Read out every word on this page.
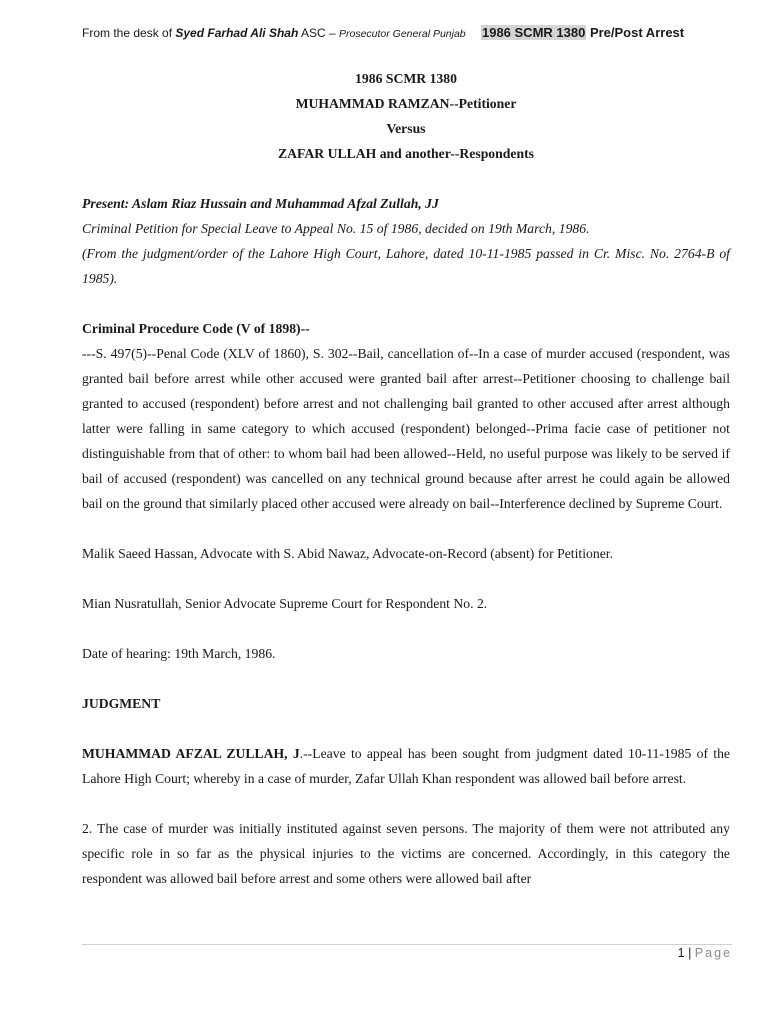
From the desk of Syed Farhad Ali Shah ASC – Prosecutor General Punjab 1986 SCMR 1380 Pre/Post Arrest

1986 SCMR 1380

MUHAMMAD RAMZAN--Petitioner

Versus

ZAFAR ULLAH and another--Respondents

Present: Aslam Riaz Hussain and Muhammad Afzal Zullah, JJ

Criminal Petition for Special Leave to Appeal No. 15 of 1986, decided on 19th March, 1986.

(From the judgment/order of the Lahore High Court, Lahore, dated 10-11-1985 passed in Cr. Misc. No. 2764-B of 1985).

Criminal Procedure Code (V of 1898)--

---S. 497(5)--Penal Code (XLV of 1860), S. 302--Bail, cancellation of--In a case of murder accused (respondent, was granted bail before arrest while other accused were granted bail after arrest--Petitioner choosing to challenge bail granted to accused (respondent) before arrest and not challenging bail granted to other accused after arrest although latter were falling in same category to which accused (respondent) belonged--Prima facie case of petitioner not distinguishable from that of other: to whom bail had been allowed--Held, no useful purpose was likely to be served if bail of accused (respondent) was cancelled on any technical ground because after arrest he could again be allowed bail on the ground that similarly placed other accused were already on bail--Interference declined by Supreme Court.

Malik Saeed Hassan, Advocate with S. Abid Nawaz, Advocate-on-Record (absent) for Petitioner.

Mian Nusratullah, Senior Advocate Supreme Court for Respondent No. 2.

Date of hearing: 19th March, 1986.

JUDGMENT

MUHAMMAD AFZAL ZULLAH, J.--Leave to appeal has been sought from judgment dated 10-11-1985 of the Lahore High Court; whereby in a case of murder, Zafar Ullah Khan respondent was allowed bail before arrest.

2. The case of murder was initially instituted against seven persons. The majority of them were not attributed any specific role in so far as the physical injuries to the victims are concerned. Accordingly, in this category the respondent was allowed bail before arrest and some others were allowed bail after

1 | Page
